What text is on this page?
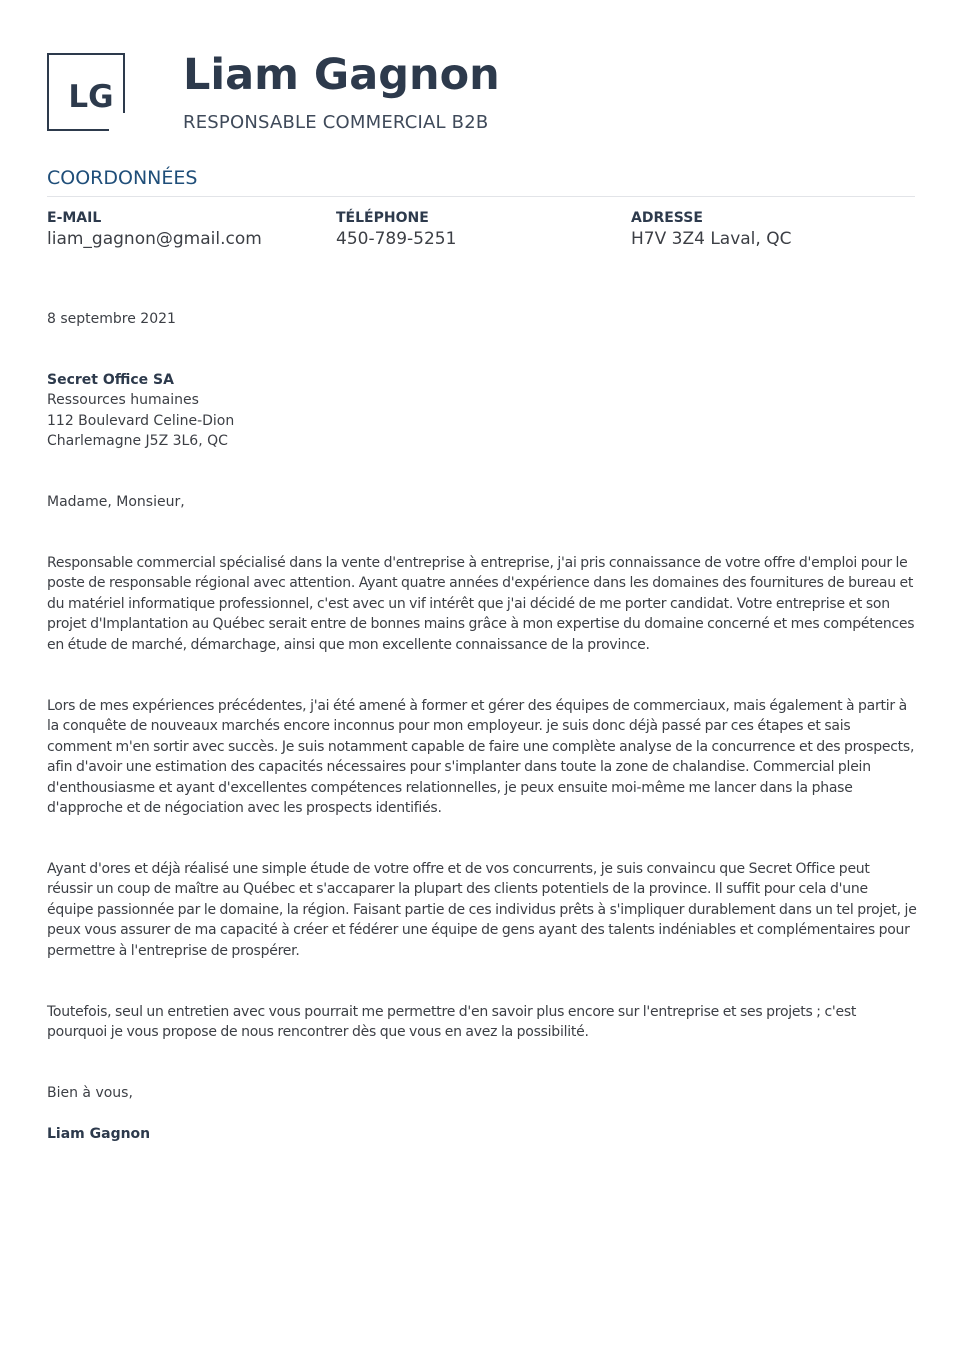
LG Liam Gagnon
RESPONSABLE COMMERCIAL B2B
COORDONNÉES
E-MAIL
liam_gagnon@gmail.com
TÉLÉPHONE
450-789-5251
ADRESSE
H7V 3Z4 Laval, QC
8 septembre 2021
Secret Office SA
Ressources humaines
112 Boulevard Celine-Dion
Charlemagne J5Z 3L6, QC
Madame, Monsieur,
Responsable commercial spécialisé dans la vente d'entreprise à entreprise, j'ai pris connaissance de votre offre d'emploi pour le poste de responsable régional avec attention. Ayant quatre années d'expérience dans les domaines des fournitures de bureau et du matériel informatique professionnel, c'est avec un vif intérêt que j'ai décidé de me porter candidat. Votre entreprise et son projet d'Implantation au Québec serait entre de bonnes mains grâce à mon expertise du domaine concerné et mes compétences en étude de marché, démarchage, ainsi que mon excellente connaissance de la province.
Lors de mes expériences précédentes, j'ai été amené à former et gérer des équipes de commerciaux, mais également à partir à la conquête de nouveaux marchés encore inconnus pour mon employeur. je suis donc déjà passé par ces étapes et sais comment m'en sortir avec succès. Je suis notamment capable de faire une complète analyse de la concurrence et des prospects, afin d'avoir une estimation des capacités nécessaires pour s'implanter dans toute la zone de chalandise. Commercial plein d'enthousiasme et ayant d'excellentes compétences relationnelles, je peux ensuite moi-même me lancer dans la phase d'approche et de négociation avec les prospects identifiés.
Ayant d'ores et déjà réalisé une simple étude de votre offre et de vos concurrents, je suis convaincu que Secret Office peut réussir un coup de maître au Québec et s'accaparer la plupart des clients potentiels de la province. Il suffit pour cela d'une équipe passionnée par le domaine, la région. Faisant partie de ces individus prêts à s'impliquer durablement dans un tel projet, je peux vous assurer de ma capacité à créer et fédérer une équipe de gens ayant des talents indéniables et complémentaires pour permettre à l'entreprise de prospérer.
Toutefois, seul un entretien avec vous pourrait me permettre d'en savoir plus encore sur l'entreprise et ses projets ; c'est pourquoi je vous propose de nous rencontrer dès que vous en avez la possibilité.
Bien à vous,
Liam Gagnon
